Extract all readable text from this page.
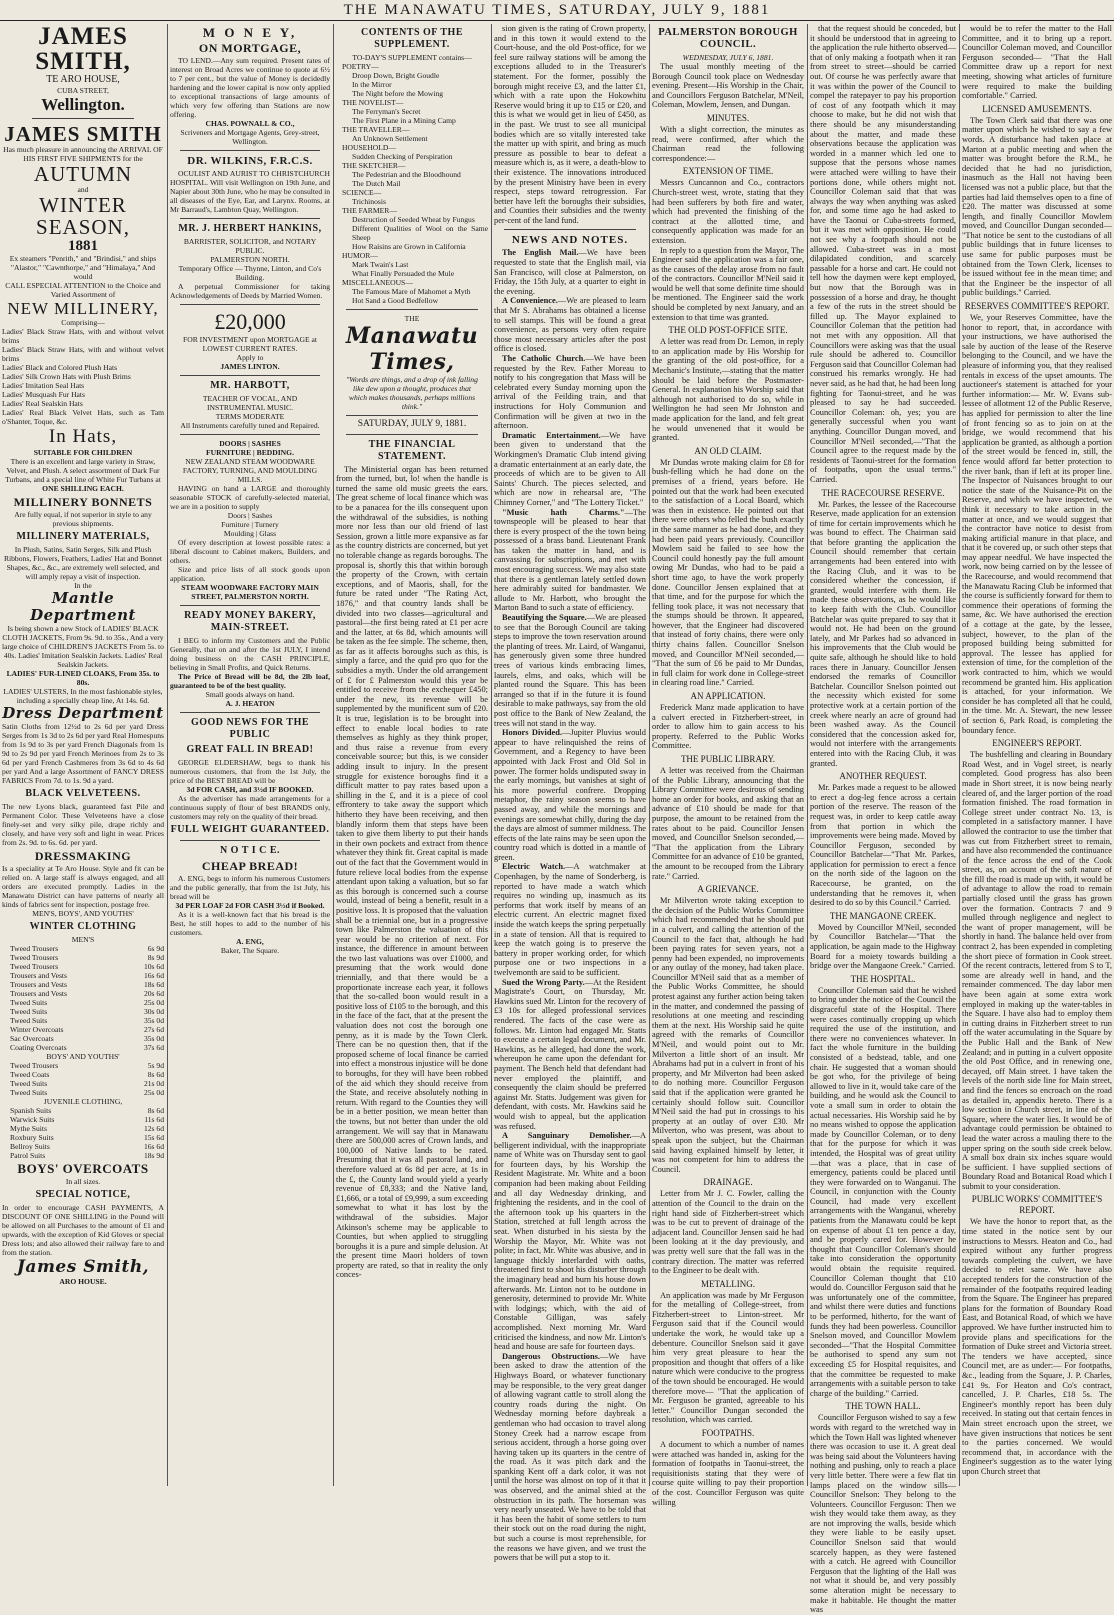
THE MANAWATU TIMES, SATURDAY, JULY 9, 1881
JAMES SMITH,
TE ARO HOUSE,
CUBA STREET,
Wellington.
JAMES SMITH
Has much pleasure in announcing the ARRIVAL OF HIS FIRST FIVE SHIPMENTS for the
AUTUMN
and
WINTER SEASON,
1881
Ex steamers "Penrith," and "Brindisi," and ships "Alastor," "Cawnthorpe," and "Himalaya," And would
CALL ESPECIAL ATTENTION to the Choice and Varied Assortment of
NEW MILLINERY,
Comprising—
Ladies' Black Straw Hats, with and without velvet brims
Ladies' Black Straw Hats, with and without velvet brims
Ladies' Black and Colored Plush Hats
Ladies' Silk Crown Hats with Plush Brims
Ladies' Imitation Seal Hats
Ladies' Musquash Fur Hats
Ladies' Real Sealskin Hats
Ladies' Real Black Velvet Hats, such as Tam o'Shanter, Toque, &c.
In Hats,
SUITABLE FOR CHILDREN
There is an excellent and large variety in Straw, Velvet, and Plush. A select assortment of Dark Fur Turbans, and a special line of White Fur Turbans at
ONE SHILLING EACH.
MILLINERY BONNETS
Are fully equal, if not superior in style to any previous shipments.
MILLINERY MATERIALS,
In Plush, Satins, Satin Serges, Silk and Plush Ribbons, Flowers, Feathers, Ladies' Hat and Bonnet Shapes, &c., &c., are extremely well selected, and will amply repay a visit of inspection.
In the
Mantle Department
Is being shown a new Stock of LADIES' BLACK CLOTH JACKETS, From 9s. 9d. to 35s., And a very large choice of CHILDREN'S JACKETS From 5s. to 40s. Ladies' Imitation Sealskin Jackets. Ladies' Real Sealskin Jackets.
LADIES' FUR-LINED CLOAKS, From 35s. to 80s.
LADIES' ULSTERS, In the most fashionable styles, including a specially cheap line, At 14s. 6d.
Dress Department
Satin Cloths from 12½d to 2s 6d per yard Dress Serges from 1s 3d to 2s 6d per yard Real Homespuns from 1s 9d to 3s per yard French Diagonals from 1s 9d to 2s 9d per yard French Merinoes from 2s to 3s 6d per yard French Cashmeres from 3s 6d to 4s 6d per yard And a large Assortment of FANCY DRESS FABRICS From 7d. to 1s. 9d a yard.
BLACK VELVETEENS.
The new Lyons black, guaranteed fast Pile and Permanent Color. These Velveteens have a close finely-set and very silky pile, drape richly and closely, and have very soft and light in wear. Prices from 2s. 9d. to 6s. 6d. per yard.
DRESSMAKING
Is a speciality at Te Aro House. Style and fit can be relied on. A large staff is always engaged, and all orders are executed promptly. Ladies in the Manawatu District can have patterns of nearly all kinds of fabrics sent for inspection, postage free.
MEN'S, BOYS', AND YOUTHS'
WINTER CLOTHING
MEN'S
Tweed Trousers	6s 9d
Tweed Trousers	8s 9d
Tweed Trousers	10s 6d
Trousers and Vests	16s 6d
Trousers and Vests	18s 6d
Trousers and Vests	20s 6d
Tweed Suits	25s 0d
Tweed Suits	30s 0d
Tweed Suits	35s 0d
Winter Overcoats	27s 6d
Sac Overcoats	35s 0d
Coating Overcoats	37s 6d
BOYS' AND YOUTHS'
Tweed Trousers	5s 9d
Tweed Coats	8s 6d
Tweed Suits	21s 0d
Tweed Suits	25s 0d
JUVENILE CLOTHING,
Spanish Suits	8s 6d
Warwick Suits	11s 6d
Mythe Suits	12s 6d
Roxbury Suits	15s 6d
Bellroy Suits	16s 6d
Patrol Suits	18s 9d
BOYS' OVERCOATS
In all sizes.
SPECIAL NOTICE,
In order to encourage CASH PAYMENTS, A DISCOUNT OF ONE SHILLING in the Pound will be allowed on all Purchases to the amount of £1 and upwards, with the exception of Kid Gloves or special Dress lots; and also allowed their railway fare to and from the station.
James Smith,
ARO HOUSE.
M O N E Y,
ON MORTGAGE,
TO LEND.—Any sum required. Present rates of interest on Broad Acres we continue to quote at 6½ to 7 per cent., but the value of Money is decidedly hardening and the lower capital is now only applied to exceptional transactions of large amounts of which very few offering than Stations are now offering.
CHAS. POWNALL & CO.,
Scriveners and Mortgage Agents, Grey-street, Wellington.
DR. WILKINS, F.R.C.S.
OCULIST AND AURIST TO CHRISTCHURCH HOSPITAL. Will visit Wellington on 19th June, and Napier about 30th June, who he may be consulted in all diseases of the Eye, Ear, and Larynx. Rooms, at Mr Barraud's, Lambton Quay, Wellington.
MR. J. HERBERT HANKINS,
BARRISTER, SOLICITOR, and NOTARY PUBLIC.
PALMERSTON NORTH.
Temporary Office — Thynne, Linton, and Co's Building.
A perpetual Commissioner for taking Acknowledgements of Deeds by Married Women.
£20,000
FOR INVESTMENT upon MORTGAGE at LOWEST CURRENT RATES.
Apply to
JAMES LINTON.
MR. HARBOTT,
TEACHER OF VOCAL, AND
INSTRUMENTAL MUSIC.
TERMS MODERATE
All Instruments carefully tuned and Repaired.
DOORS | SASHES
FURNITURE | BEDDING.
NEW ZEALAND STEAM WOODWARE FACTORY, TURNING, AND MOULDING MILLS.
HAVING on hand a LARGE and thoroughly seasonable STOCK of carefully-selected material, we are in a position to supply
Doors | Sashes
Furniture | Turnery
Moulding | Glass
Of every description at lowest possible rates: a liberal discount to Cabinet makers, Builders, and others.
Size and price lists of all stock goods upon application.
STEAM WOODWARE FACTORY MAIN STREET, PALMERSTON NORTH.
READY MONEY BAKERY, MAIN-STREET.
I BEG to inform my Customers and the Public Generally, that on and after the 1st JULY, I intend doing business on the CASH PRINCIPLE, believing in Small Profits, and Quick Returns.
The Price of Bread will be 8d, the 2lb loaf, guaranteed to be of the best quality.
Small goods always on hand.
A. J. HEATON
GOOD NEWS FOR THE PUBLIC
GREAT FALL IN BREAD!
GEORGE ELDERSHAW, begs to thank his numerous customers, that from the 1st July, the price of the BEST BREAD will be
3d FOR CASH, and 3½d IF BOOKED.
As the advertiser has made arrangements for a continuous supply of flour of best BRANDS only, customers may rely on the quality of their bread.
FULL WEIGHT GUARANTEED.
N O T I C E.
CHEAP BREAD!
A. ENG, begs to inform his numerous Customers and the public generally, that from the 1st July, his bread will be
3d PER LOAF 2d FOR CASH 3½d if Booked.
As it is a well-known fact that his bread is the Best, he still hopes to add to the number of his customers.
A. ENG,
Baker, The Square.
CONTENTS OF THE SUPPLEMENT.
TO-DAY'S SUPPLEMENT contains—
POETRY—
Droop Down, Bright Goudle
In the Mirror
The Night before the Mowing
THE NOVELIST—
The Ferryman's Secret
The First Plane in a Mining Camp
THE TRAVELLER—
An Unknown Settlement
HOUSEHOLD—
Sudden Checking of Perspiration
THE SKETCHER—
The Pedestrian and the Bloodhound
The Dutch Mail
SCIENCE—
Trichinosis
THE FARMER—
Destruction of Seeded Wheat by Fungus
Different Qualities of Wool on the Same Sheep
How Raisins are Grown in California
HUMOR—
Mark Twain's Last
What Finally Persuaded the Mule
MISCELLANEOUS—
The Famous Mare of Mahomet a Myth
Hot Sand a Good Bedfellow
THE
Manawatu Times,
"Words are things, and a drop of ink falling like dew upon a thought, produces that which makes thousands, perhaps millions think."
SATURDAY, JULY 9, 1881.
THE FINANCIAL STATEMENT.
The Ministerial organ has been returned from the turned, but, lo! when the handle is turned the same old music greets the ears. The great scheme of local finance which was to be a panacea for the ills consequent upon the withdrawal of the subsidies, is nothing more nor less than our old friend of last Session, grown a little more expansive as far as the country districts are concerned, but yet no tolerable change as regards boroughs. The proposal is, shortly this that within borough the property of the Crown, with certain exceptions, and of Maoris, shall, for the future be rated under "The Rating Act, 1876," and that country lands shall be divided into two classes—agricultural and pastoral—the first being rated at £1 per acre and the latter, at 6s 8d, which amounts will be taken as the fee simple. The scheme, then, as far as it affects boroughs such as this, is simply a farce, and the quid pro quo for the subsidies a myth. Under the old arrangement of £ for £ Palmerston would this year be entitled to receive from the exchequer £450; under the new, its revenue will be supplemented by the munificent sum of £20. It is true, legislation is to be brought into effect to enable local bodies to rate themselves as highly as they think proper, and thus raise a revenue from every conceivable source; but this, is we consider adding insult to injury. In the present struggle for existence boroughs find it a difficult matter to pay rates based upon a shilling in the £, and it is a piece of cool effrontery to take away the support which hitherto they have been receiving, and then blandly inform them that steps have been taken to give them liberty to put their hands in their own pockets and extract from thence whatever they think fit. Great capital is made out of the fact that the Government would in future relieve local bodies from the expense attendant upon taking a valuation, but so far as this borough is concerned such a course would, instead of being a benefit, result in a positive loss. It is proposed that the valuation shall be a triennial one, but in a progressive town like Palmerston the valuation of this year would be no criterion of next. For instance, the difference in amount between the two last valuations was over £1000, and presuming that the work would done triennially, and that there would be a proportionate increase each year, it follows that the so-called boon would result in a positive loss of £105 to the borough, and this in the face of the fact, that at the present the valuation does not cost the borough one penny, as it is made by the Town Clerk. There can be no question then, that if the proposed scheme of local finance be carried into effect a monstrous injustice will be done to boroughs, for they will have been robbed of the aid which they should receive from the State, and receive absolutely nothing in return. With regard to the Counties they will be in a better position, we mean better than the towns, but not better than under the old arrangement. We will say that in Manawatu there are 500,000 acres of Crown lands, and 100,000 of Native lands to be rated. Presuming that it was all pastoral land, and therefore valued at 6s 8d per acre, at 1s in the £, the County land would yield a yearly revenue of £8,333; and the Native land, £1,666, or a total of £9,999, a sum exceeding somewhat to what it has lost by the withdrawal of the subsidies. Major Atkinson's scheme may be applicable to Counties, but when applied to struggling boroughs it is a pure and simple delusion. At the present time Maori holders of town property are rated, so that in reality the only conces-
sion given is the rating of Crown property, and in this town it would extend to the Court-house, and the old Post-office, for we feel sure railway stations will be among the exceptions alluded to in the Treasurer's statement. For the former, possibly the borough might receive £3, and the latter £1, which with a rate upon the Hokowhitu Reserve would bring it up to £15 or £20, and this is what we would get in lieu of £450, as in the past. We trust to see all municipal bodies which are so vitally interested take the matter up with spirit, and bring as much pressure as possible to bear to defeat a measure which is, as it were, a death-blow to their existence. The innovations introduced by the present Ministry have been in every respect, steps toward retrogression. Far better have left the boroughs their subsidies, and Counties their subsidies and the twenty per-cent of the land fund.
NEWS AND NOTES.
The English Mail.—We have been requested to state that the English mail, via San Francisco, will close at Palmerston, on Friday, the 15th July, at a quarter to eight in the evening.
A Convenience.—We are pleased to learn that Mr S. Abrahams has obtained a license to sell stamps. This will be found a great convenience, as persons very often require those most necessary articles after the post office is closed.
The Catholic Church.—We have been requested by the Rev. Father Moreau to notify to his congregation that Mass will be celebrated every Sunday morning upon the arrival of the Feilding train, and that instructions for Holy Communion and Confirmation will be given at two in the afternoon.
Dramatic Entertainment.—We have been given to understand that the Workingmen's Dramatic Club intend giving a dramatic entertainment at an early date, the proceeds of which are to be given to All Saints' Church. The pieces selected, and which are now in rehearsal are, "The Chimney Corner," and "The Lottery Ticket."
"Music hath Charms."—The townspeople will be pleased to hear that there is every prospect of the the town being possessed of a brass band. Lieutenant Frank has taken the matter in hand, and is canvassing for subscriptions, and met with most encouraging success. We may also state that there is a gentleman lately settled down here admirably suited for bandmaster. We allude to Mr. Harbott, who brought the Marton Band to such a state of efficiency.
Beautifying the Square.—We are pleased to see that the Borough Council are taking steps to improve the town reservation around the planting of trees. Mr. Laird, of Wanganui, has generously given some three hundred trees of various kinds embracing limes, laurels, elms, and oaks, which will be planted round the Square. This has been arranged so that if in the future it is found desirable to make pathways, say from the old post office to the Bank of New Zealand, the trees will not stand in the way.
Honors Divided.—Jupiter Pluvius would appear to have relinquished the reins of Government, and a Regency to have been appointed with Jack Frost and Old Sol in power. The former holds undisputed sway in the early mornings, but vanishes at sight of his more powerful confrere. Dropping metaphor, the rainy season seems to have passed away, and while the mornings and evenings are somewhat chilly, during the day the days are almost of summer mildness. The effects of the late rains may be seen upon the country road which is dotted in a mantle of green.
Electric Watch.—A watchmaker at Copenhagen, by the name of Sonderberg, is reported to have made a watch which requires no winding up, inasmuch as its performs that work itself by means of an electric current. An electric magnet fixed inside the watch keeps the spring perpetually in a state of tension. All that is required to keep the watch going is to preserve the battery in proper working order, for which purpose one or two inspections in a twelvemonth are said to be sufficient.
Sued the Wrong Party.—At the Resident Magistrate's Court, on Thursday, Mr. Hawkins sued Mr. Linton for the recovery of £3 10s for alleged professional services rendered. The facts of the case were as follows. Mr. Linton had engaged Mr. Statts to execute a certain legal document, and Mr. Hawkins, as he alleged, had done the work, whereupon he came upon the defendant for payment. The Bench held that defendant had never employed the plaintiff, and consequently the claim should be preferred against Mr. Statts. Judgement was given for defendant, with costs. Mr. Hawkins said he would wish to appeal, but the application was refused.
A Sanguinary Demolisher.—A belligerent individual, with the inappropriate name of White was on Thursday sent to gaol for fourteen days, by his Worship the Resident Magistrate. Mr. White and a boon companion had been making about Feilding and all day Wednesday drinking, and frightening the residents, and in the cool of the afternoon took up his quarters in the Station, stretched at full length across the seat. When disturbed in his siesta by the Worship the Mayor, Mr. White was not polite; in fact, Mr. White was abusive, and in language thickly interlarded with oaths, threatened first to shoot his disturber through the imaginary head and burn his house down afterwards. Mr. Linton not to be outdone in generosity, determined to provide Mr. White with lodgings; which, with the aid of Constable Gilligan, was safely accomplished. Next morning Mr. Ward criticised the kindness, and now Mr. Linton's head and house are safe for fourteen days.
Dangerous Obstructions.—We have been asked to draw the attention of the Highways Board, or whatever functionary may be responsible, to the very great danger of allowing vagrant cattle to stroll along the country roads during the night. On Wednesday morning before daybreak a gentleman who had occasion to travel along Stoney Creek had a narrow escape from serious accident, through a horse going over having taken up its quarters in the centre of the road. As it was pitch dark and the spanking Kent off a dark color, it was not until the horse was almost on top of it that it was observed, and the animal shied at the obstruction in its path. The horseman was very nearly unseated. We have to be told that it has been the habit of some settlers to turn their stock out on the road during the night, but such a course is most reprehensible, for the reasons we have given, and we trust the powers that be will put a stop to it.
PALMERSTON BOROUGH COUNCIL.
WEDNESDAY, JULY 6, 1881.
The usual monthly meeting of the Borough Council took place on Wednesday evening. Present—His Worship in the Chair, and Councillors Ferguson Batchelar, M'Neil, Coleman, Mowlem, Jensen, and Dungan.
MINUTES.
With a slight correction, the minutes as read, were confirmed, after which the Chairman read the following correspondence:—
EXTENSION OF TIME.
Messrs Cuncannon and Co., contractors Church-street west, wrote, stating that they had been sufferers by both fire and water, which had prevented the finishing of the contract at the allotted time, and consequently application was made for an extension.
In reply to a question from the Mayor, The Engineer said the application was a fair one, as the causes of the delay arose from no fault of the contractors. Councillor M'Neil said it would be well that some definite time should be mentioned. The Engineer said the work should be completed by next January, and an extension to that time was granted.
THE OLD POST-OFFICE SITE.
A letter was read from Dr. Lemon, in reply to an application made by His Worship for the granting of the old post-office, for a Mechanic's Institute,—stating that the matter should be laid before the Postmaster-General. In explanation his Worship said that although not authorised to do so, while in Wellington he had seen Mr Johnston and made application for the land, and felt great he would unvenened that it would be granted.
AN OLD CLAIM.
Mr Dundas wrote making claim for £8 for bush-felling which he had done on the premises of a friend, years before. He pointed out that the work had been executed to the satisfaction of a Local Board, which was then in existence. He pointed out that there were others who felled the bush exactly in the same manner as he had done, and they had been paid years previously. Councillor Mowlem said he failed to see how the Council could honestly pay the full amount owing Mr Dundas, who had to be paid a short time ago, to have the work properly done. Councillor Jensen explained that at that time, and for the purpose for which the felling took place, it was not necessary that the stumps should be thrown. It appeared, however, that the Engineer had discovered that instead of forty chains, there were only thirty chains fallen. Councillor Snelson moved, and Councillor M'Neil seconded,— "That the sum of £6 be paid to Mr Dundas, in full claim for work done in College-street in clearing road line." Carried.
AN APPLICATION.
Frederick Manz made application to have a culvert erected in Fitzherbert-street, in order to allow him to gain access to his property. Referred to the Public Works Committee.
THE PUBLIC LIBRARY.
A letter was received from the Chairman of the Public Library, announcing that the Library Committee were desirous of sending home an order for books, and asking that an advance of £10 should be made for that purpose, the amount to be retained from the rates about to be paid. Councillor Jensen moved, and Councillor Snelson seconded,— "That the application from the Library Committee for an advance of £10 be granted, the amount to be recouped from the Library rate." Carried.
A GRIEVANCE.
Mr Milverton wrote taking exception to the decision of the Public Works Committee which had recommended that he should put in a culvert, and calling the attention of the Council to the fact that, although he had been paying rates for seven years, not a penny had been expended, no improvements or any outlay of the money, had taken place. Councillor M'Neil said that as a member of the Public Works Committee, he should protest against any further action being taken in the matter, and condemned the passing of resolutions at one meeting and rescinding them at the next. His Worship said he quite agreed with the remarks of Councillor M'Neil, and would point out to Mr. Milverton a little short of an insult. Mr Abrahams had put in a culvert in front of his property, and Mr Milverton had been asked to do nothing more. Councillor Ferguson said that if the application were granted he certainly should follow suit. Councillor M'Neil said the had put in crossings to his property at an outlay of over £30. Mr Milverton, who was present, was about to speak upon the subject, but the Chairman said having explained himself by letter, it was not competent for him to address the Council.
DRAINAGE.
Letter from Mr J. C. Fowler, calling the attention of the Council to the drain on the right hand side of Fitzherbert-street which was to be cut to prevent of drainage of the adjacent land. Councillor Jensen said he had been looking at it the day previously, and was pretty well sure that the fall was in the contrary direction. The matter was referred to the Engineer to be dealt with.
METALLING.
An application was made by Mr Ferguson for the metalling of College-street, from Fitzherbert-street to Linton-street. Mr Ferguson said that if the Council would undertake the work, he would take up a debenture. Councillor Snelson said it gave him very great pleasure to hear the proposition and thought that offers of a like nature which were conducive to the progress of the town should be encouraged. He would therefore move— "That the application of Mr. Ferguson be granted, agreeable to his letter." Councillor Dungan seconded the resolution, which was carried.
FOOTPATHS.
A document to which a number of names were attached was handed in, asking for the formation of footpaths in Taonui-street, the requisitionists stating that they were of course quite willing to pay their proportion of the cost. Councillor Ferguson was quite willing
that the request should be conceded, but it should be understood that in agreeing to the application the rule hitherto observed—that of only making a footpath when it ran from street to street—should be carried out. Of course he was perfectly aware that it was within the power of the Council to compel the ratepayer to pay his proportion of cost of any footpath which it may choose to make, but he did not wish that there should be any misunderstanding about the matter, and made these observations because the application was worded in a manner which led one to suppose that the persons whose names were attached were willing to have their portions done, while others might not. Councillor Coleman said that that was always the way when anything was asked for, and some time ago he had asked to have the Taonui or Cuba-streets formed, but it was met with opposition. He could not see why a footpath should not be allowed. Cuba-street was in a most dilapidated condition, and scarcely passable for a horse and cart. He could not tell how the daymen were kept employed, but now that the Borough was in possession of a horse and dray, he thought a few of the ruts in the street should be filled up. The Mayor explained to Councillor Coleman that the petition had not met with any opposition. All that Councillors were asking was that the usual rule should be adhered to. Councillor Ferguson said that Councillor Coleman had construed his remarks wrongly. He had never said, as he had that, he had been long fighting for Taonui-street, and he was pleased to say he had succeeded. Councillor Coleman: oh, yes; you are generally successful when you want anything. Councillor Dungan moved, and Councillor M'Neil seconded,—"That the Council agree to the request made by the residents of Taonui-street for the formation of footpaths, upon the usual terms." Carried.
THE RACECOURSE RESERVE.
Mr. Parkes, the lessee of the Racecourse Reserve, made application for an extension of time for certain improvements which he was bound to effect. The Chairman said that before granting the application the Council should remember that certain arrangements had been entered into with the Racing Club, and it was to be considered whether the concession, if granted, would interfere with them. He made these observations, as he would like to keep faith with the Club. Councillor Batchelar was quite prepared to say that it would not. He had been on the ground lately, and Mr Parkes had so advanced in his improvements that the Club would be quite safe, although he should like to hold races there in January. Councillor Jensen endorsed the remarks of Councillor Batchelar. Councillor Snelson pointed out the necessity which existed for some protective work at a certain portion of the creek where nearly an acre of ground had been washed away. As the Council considered that the concession asked for, would not interfere with the arrangements entered into with the Racing Club, it was granted.
ANOTHER REQUEST.
Mr. Parkes made a request to be allowed to erect a dog-leg fence across a certain portion of the reserve. The reason of the request was, in order to keep cattle away from that portion in which the improvements were being made. Moved by Councillor Ferguson, seconded by Councillor Batchelar—"That Mr. Parkes, application for permission to erect a fence on the north side of the lagoon on the Racecourse, be granted, on the understanding that he removes it, when desired to do so by this Council." Carried.
THE MANGAONE CREEK.
Moved by Councillor M'Neil, seconded by Councillor Batchelar—"That the application, be again made to the Highway Board for a moiety towards building a bridge over the Mangaone Creek." Carried.
THE HOSPITAL.
Councillor Coleman said that he wished to bring under the notice of the Council the disgraceful state of the Hospital. There were cases continually cropping up which required the use of the institution, and there were no conveniences whatever. In fact the whole furniture in the building consisted of a bedstead, table, and one chair. He suggested that a woman should be got who, for the privilege of being allowed to live in it, would take care of the building, and he would ask the Council to vote a small sum in order to obtain the actual necessaries. His Worship said he by no means wished to oppose the application made by Councillor Coleman, or to deny that for the purpose for which it was intended, the Hospital was of great utility—that was a place, that in case of emergency, patients could be placed until they were forwarded on to Wanganui. The Council, in conjunction with the County Council, had made very excellent arrangements with the Wanganui, whereby patients from the Manawatu could be kept on expense of about £1 ten pence a day, and be properly cared for. However he thought that Councillor Coleman's should take into consideration the opportunity would obtain the requisite required. Councillor Coleman thought that £10 would do. Councillor Ferguson said that he was unfortunately one of the committee, and whilst there were duties and functions to be performed, hitherto, for the want of funds they had been powerless. Councillor Snelson moved, and Councillor Mowlem seconded—"That the Hospital Committee be authorised to spend any sum not exceeding £5 for Hospital requisites, and that the committee be requested to make arrangements with a suitable person to take charge of the building." Carried.
THE TOWN HALL.
Councillor Ferguson wished to say a few words with regard to the wretched way in which the Town Hall was lighted whenever there was occasion to use it. A great deal was being said about the Volunteers having nothing and pushing, only to reach a place very little better. There were a few flat tin lamps placed on the window sills— Councillor Snelson: They belong to the Volunteers. Councillor Ferguson: Then we wish they would take them away, as they are not improving the walls, beside which they were liable to be easily upset. Councillor Snelson said that would scarcely happen, as they were fastened with a catch. He agreed with Councillor Ferguson that the lighting of the Hall was not what it should be, and very possibly some alteration might be necessary to make it habitable. He thought the matter was
would be to refer the matter to the Hall Committee, and it to bring up a report. Councillor Coleman moved, and Councillor Ferguson seconded— "That the Hall Committee draw up a report for next meeting, showing what articles of furniture were required to make the building comfortable." Carried.
LICENSED AMUSEMENTS.
The Town Clerk said that there was one matter upon which he wished to say a few words. A disturbance had taken place at Marton at a public meeting and when the matter was brought before the R.M., he decided that he had no jurisdiction, inasmuch as the Hall not having been licensed was not a public place, but that the parties had laid themselves open to a fine of £20. The matter was discussed at some length, and finally Councillor Mowlem moved, and Councillor Dungan seconded— "That notice be sent to the custodians of all public buildings that in future licenses to use same for public purposes must be obtained from the Town Clerk, licenses to be issued without fee in the mean time; and that the Engineer be the inspector of all public buildings." Carried.
RESERVES COMMITTEE'S REPORT.
We, your Reserves Committee, have the honor to report, that, in accordance with your instructions, we have authorised the sale by auction of the lease of the Reserve belonging to the Council, and we have the pleasure of informing you, that they realised rentals in excess of the upset amounts. The auctioneer's statement is attached for your further information:— Mr. W. Evans sub-lessee of allotment 12 of the Public Reserve, has applied for permission to alter the line of front fencing so as to join on at the bridge, we would recommend that his application be granted, as although a portion of the street would be fenced in, still, the fence would afford far better protection to the river bank, than if left at its proper line. The Inspector of Nuisances brought to our notice the state of the Nuisance-Pit on the Reserve, and which we have inspected, we think it necessary to take action in the matter at once, and we would suggest that the contractor have notice to desist from making artificial manure in that place, and that it be covered up, or such other steps that may appear needful. We have inspected the work, now being carried on by the lessee of the Racecourse, and would recommend that the Manawatu Racing Club be informed that the course is sufficiently forward for them to commence their operations of forming the same, &c. We have authorised the erection of a cottage at the gate, by the lessee, subject, however, to the plan of the proposed building being submitted for approval. The lessee has applied for extension of time, for the completion of the work contracted to him, which we would recommend be granted him. His application is attached, for your information. We consider he has completed all that he could, in the time. Mr. A. Stewart, the new lessee of section 6, Park Road, is completing the boundary fence.
ENGINEER'S REPORT.
The bushfelling and clearing in Boundary Road West, and in Vogel street, is nearly completed. Good progress has also been made in Short street, it is now being nearly cleared of, and the larger portion of the road formation finished. The road formation in College street under contract No. 13, is completed in a satisfactory manner. I have allowed the contractor to use the timber that was cut from Fitzherbert street to remain, and have also recommended the continuance of the fence across the end of the Cook street, as, on account of the soft nature of the fill the road is made up with, it would be of advantage to allow the road to remain partially closed until the grass has grown over the formation. Contracts 7 and 9 mulled through negligence and neglect to the want of proper management, will be shortly in hand. The balance held over from contract 2, has been expended in completing the short piece of formation in Cook street. Of the recent contracts, lettered from S to T, some are already well in hand, and the remainder commenced. The day labor men have been again at some extra work employed in making up the water-tables in the Square. I have also had to employ them in cutting drains in Fitzherbert street to run off the water accumulating in the Square by the Public Hall and the Bank of New Zealand; and in putting in a culvert opposite the old Post Office, and in renewing one, decayed, off Main street. I have taken the levels of the north side line for Main street, and find the fences so encroach on the road as detailed in, appendix hereto. There is a low section in Church street, in line of the Square, where the water lies. It would be of advantage could permission be obtained to lead the water across a mauling there to the upper spring on the south side creek below. A small box drain six inches square would be sufficient. I have supplied sections of Boundary Road and Botanical Road which I submit to your consideration.
PUBLIC WORKS' COMMITTEE'S REPORT.
We have the honor to report that, as the time stated in the notice sent by our instructions to Messrs. Heaton and Co., had expired without any further progress towards completing the culvert, we have decided to relet same. We have also accepted tenders for the construction of the remainder of the footpaths required leading from the Square. The Engineer has prepared plans for the formation of Boundary Road East, and Botanical Road, of which we have approved. We have further instructed him to provide plans and specifications for the formation of Duke street and Victoria street. The tenders we have accepted, since Council met, are as under:— For footpaths, &c., leading from the Square, J. P. Charles, £41 9s. For Heaton and Co's contract, cancelled, J. P. Charles, £18 5s. The Engineer's monthly report has been duly received. In stating out that certain fences in Main street encroach upon the street, we have given instructions that notices be sent to the parties concerned. We would recommend that, in accordance with the Engineer's suggestion as to the water lying upon Church street that
